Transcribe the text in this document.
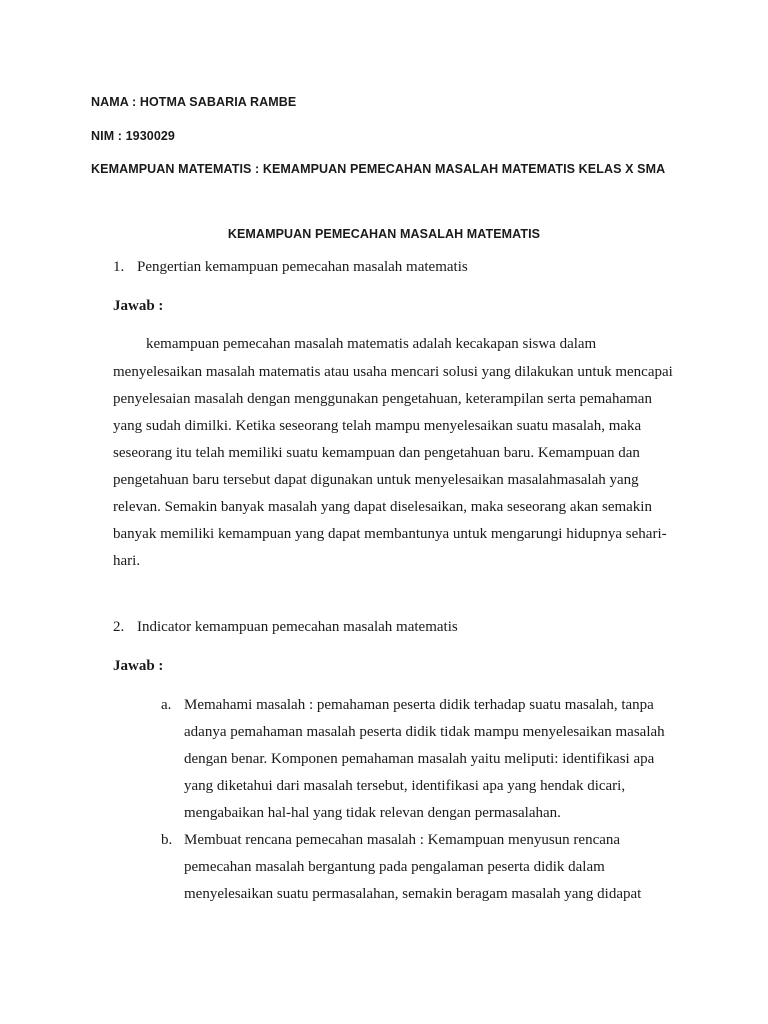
NAMA : HOTMA SABARIA RAMBE
NIM : 1930029
KEMAMPUAN MATEMATIS : KEMAMPUAN PEMECAHAN MASALAH MATEMATIS KELAS X SMA
KEMAMPUAN PEMECAHAN MASALAH MATEMATIS
1. Pengertian kemampuan pemecahan masalah matematis
Jawab :
kemampuan pemecahan masalah matematis adalah kecakapan siswa dalam
menyelesaikan masalah matematis atau usaha mencari solusi yang dilakukan untuk mencapai
penyelesaian masalah dengan menggunakan pengetahuan, keterampilan serta pemahaman
yang sudah dimilki. Ketika seseorang telah mampu menyelesaikan suatu masalah, maka
seseorang itu telah memiliki suatu kemampuan dan pengetahuan baru. Kemampuan dan
pengetahuan baru tersebut dapat digunakan untuk menyelesaikan masalahmasalah yang
relevan. Semakin banyak masalah yang dapat diselesaikan, maka seseorang akan semakin
banyak memiliki kemampuan yang dapat membantunya untuk mengarungi hidupnya sehari-
hari.
2. Indicator kemampuan pemecahan masalah matematis
Jawab :
a. Memahami masalah : pemahaman peserta didik terhadap suatu masalah, tanpa
adanya pemahaman masalah peserta didik tidak mampu menyelesaikan masalah
dengan benar. Komponen pemahaman masalah yaitu meliputi: identifikasi apa
yang diketahui dari masalah tersebut, identifikasi apa yang hendak dicari,
mengabaikan hal-hal yang tidak relevan dengan permasalahan.
b. Membuat rencana pemecahan masalah : Kemampuan menyusun rencana
pemecahan masalah bergantung pada pengalaman peserta didik dalam
menyelesaikan suatu permasalahan, semakin beragam masalah yang didapat
